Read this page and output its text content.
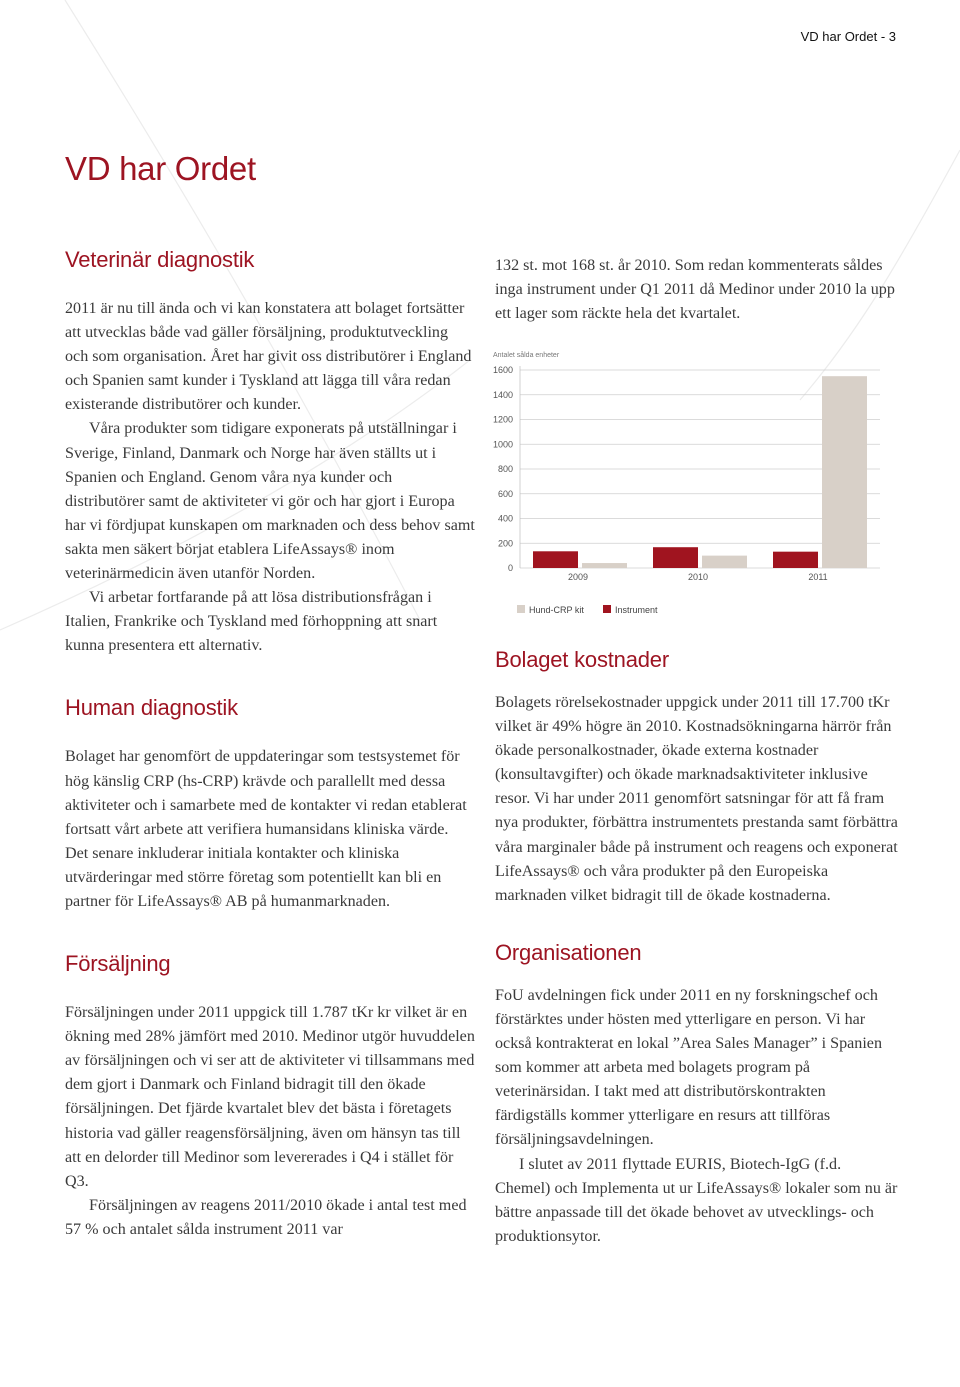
VD har Ordet - 3
VD har Ordet
Veterinär diagnostik

2011 är nu till ända och vi kan konstatera att bolaget fortsätter att utvecklas både vad gäller försäljning, produktutveckling och som organisation. Året har givit oss distributörer i England och Spanien samt kunder i Tyskland att lägga till våra redan existerande distributörer och kunder.

Våra produkter som tidigare exponerats på utställningar i Sverige, Finland, Danmark och Norge har även ställts ut i Spanien och England. Genom våra nya kunder och distributörer samt de aktiviteter vi gör och har gjort i Europa har vi fördjupat kunskapen om marknaden och dess behov samt sakta men säkert börjat etablera LifeAssays® inom veterinärmedicin även utanför Norden.

Vi arbetar fortfarande på att lösa distributionsfrågan i Italien, Frankrike och Tyskland med förhoppning att snart kunna presentera ett alternativ.

Human diagnostik

Bolaget har genomfört de uppdateringar som testsystemet för hög känslig CRP (hs-CRP) krävde och parallellt med dessa aktiviteter och i samarbete med de kontakter vi redan etablerat fortsatt vårt arbete att verifiera humansidans kliniska värde. Det senare inkluderar initiala kontakter och kliniska utvärderingar med större företag som potentiellt kan bli en partner för LifeAssays® AB på humanmarknaden.

Försäljning

Försäljningen under 2011 uppgick till 1.787 tKr kr vilket är en ökning med 28% jämfört med 2010. Medinor utgör huvuddelen av försäljningen och vi ser att de aktiviteter vi tillsammans med dem gjort i Danmark och Finland bidragit till den ökade försäljningen. Det fjärde kvartalet blev det bästa i företagets historia vad gäller reagensförsäljning, även om hänsyn tas till att en delorder till Medinor som levererades i Q4 i stället för Q3.

Försäljningen av reagens 2011/2010 ökade i antal test med 57 % och antalet sålda instrument 2011 var

132 st. mot 168 st. år 2010. Som redan kommenterats såldes inga instrument under Q1 2011 då Medinor under 2010 la upp ett lager som räckte hela det kvartalet.

Antalet sålda enheter
0
200
400
600
800
1000
1200
1400
1600
2009	2010	2011
Hund-CRP kit	Instrument
Bolaget kostnader

Bolagets rörelsekostnader uppgick under 2011 till 17.700 tKr vilket är 49% högre än 2010. Kostnadsökningarna härrör från ökade personalkostnader, ökade externa kostnader (konsultavgifter) och ökade marknadsaktiviteter inklusive resor. Vi har under 2011 genomfört satsningar för att få fram nya produkter, förbättra instrumentets prestanda samt förbättra våra marginaler både på instrument och reagens och exponerat LifeAssays® och våra produkter på den Europeiska marknaden vilket bidragit till de ökade kostnaderna.

Organisationen

FoU avdelningen fick under 2011 en ny forskningschef och förstärktes under hösten med ytterligare en person. Vi har också kontrakterat en lokal ”Area Sales Manager” i Spanien som kommer att arbeta med bolagets program på veterinärsidan. I takt med att distributörskontrakten färdigställs kommer ytterligare en resurs att tillföras försäljningsavdelningen.

I slutet av 2011 flyttade EURIS, Biotech-IgG (f.d. Chemel) och Implementa ut ur LifeAssays® lokaler som nu är bättre anpassade till det ökade behovet av utvecklings- och produktionsytor.
